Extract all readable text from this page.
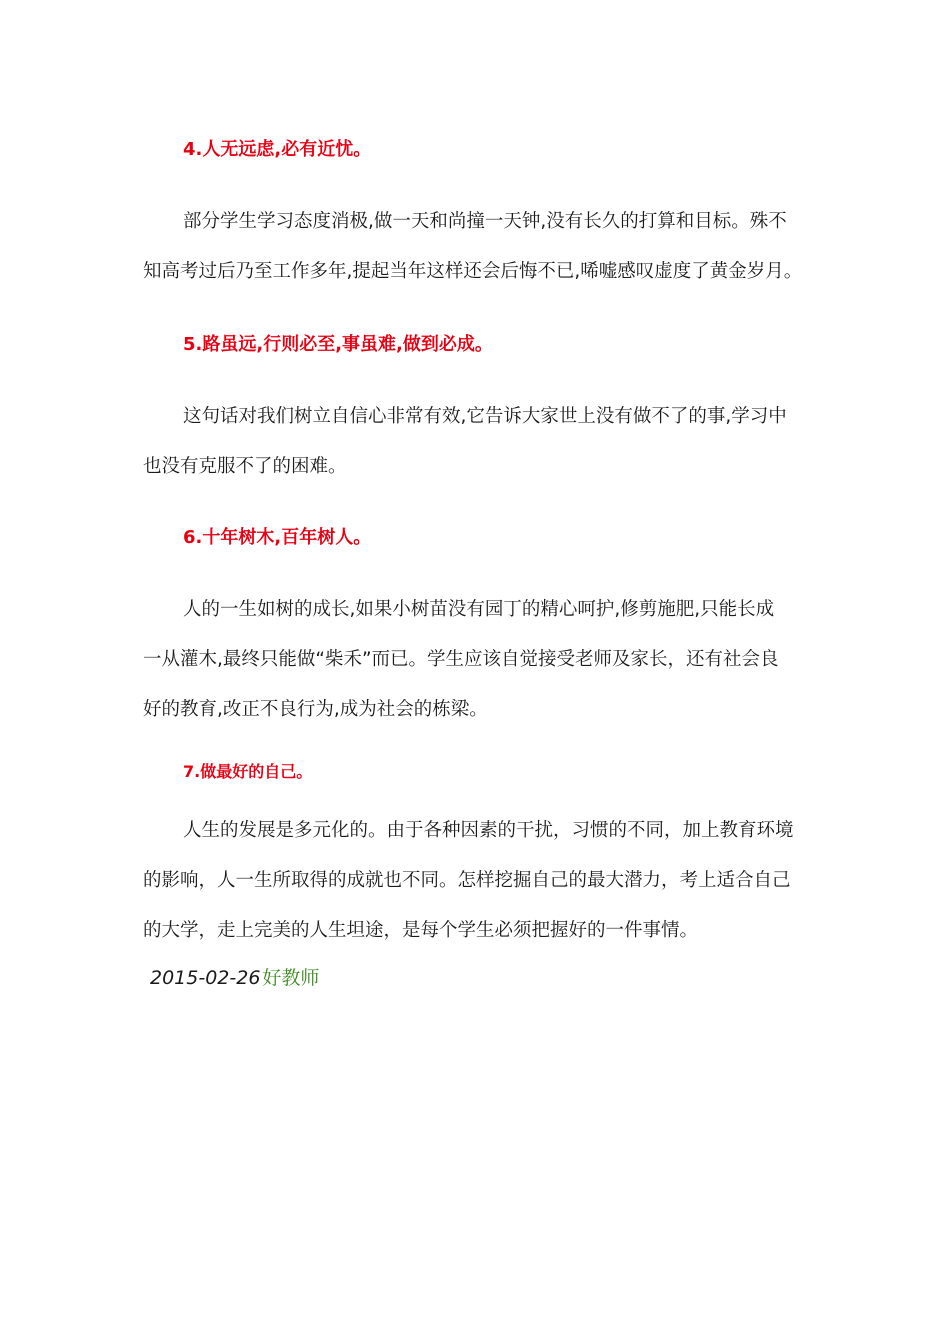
4.人无远虑,必有近忧。
部分学生学习态度消极,做一天和尚撞一天钟,没有长久的打算和目标。殊不
知高考过后乃至工作多年,提起当年这样还会后悔不已,唏嘘感叹虚度了黄金岁月。
5.路虽远,行则必至,事虽难,做到必成。
这句话对我们树立自信心非常有效,它告诉大家世上没有做不了的事,学习中
也没有克服不了的困难。
6.十年树木,百年树人。
人的一生如树的成长,如果小树苗没有园丁的精心呵护,修剪施肥,只能长成
一从灌木,最终只能做“柴禾”而已。学生应该自觉接受老师及家长，还有社会良
好的教育,改正不良行为,成为社会的栋梁。
7.做最好的自己。
人生的发展是多元化的。由于各种因素的干扰，习惯的不同，加上教育环境
的影响，人一生所取得的成就也不同。怎样挖掘自己的最大潜力，考上适合自己
的大学，走上完美的人生坦途，是每个学生必须把握好的一件事情。
2015-02-26 好教师
